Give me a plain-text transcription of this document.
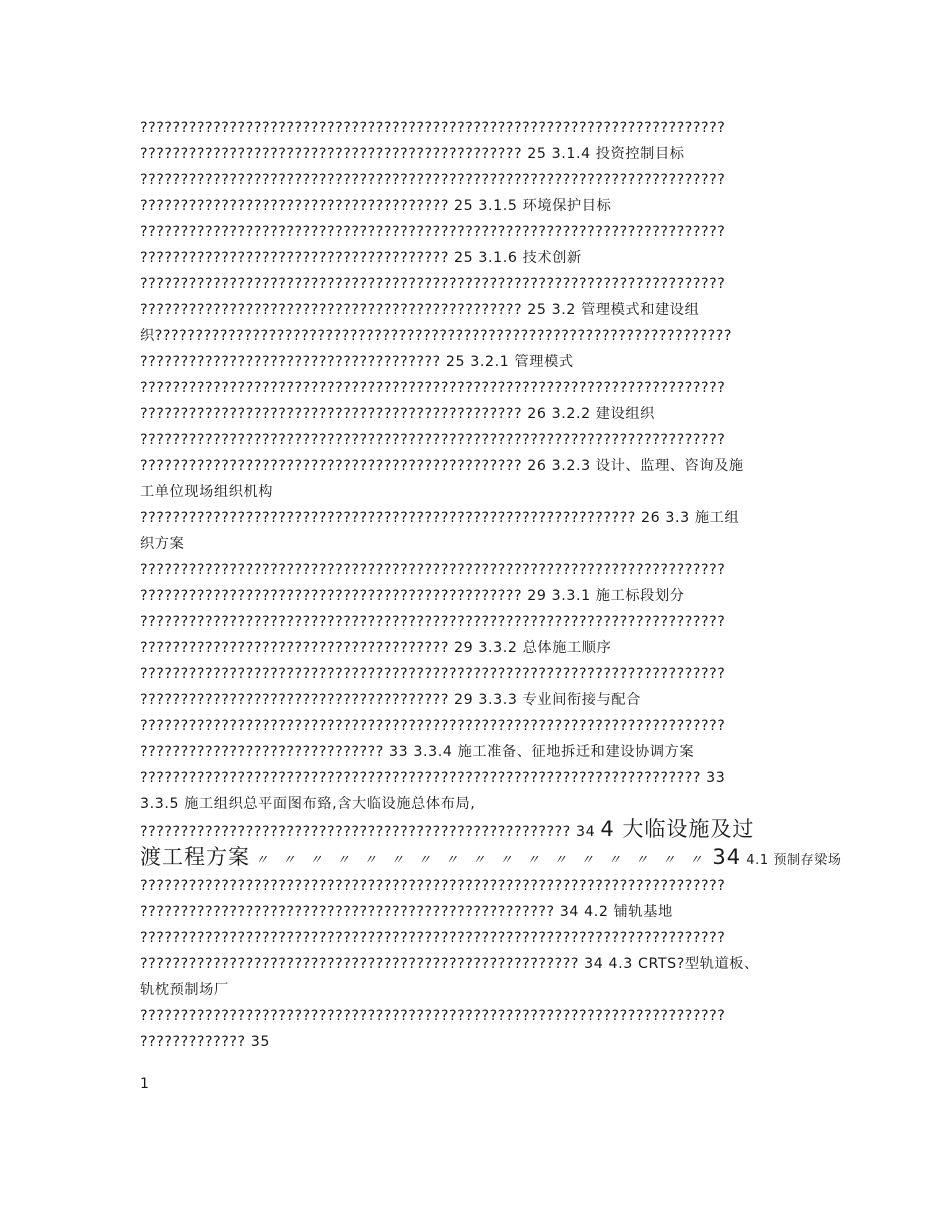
????????????????????????????????????????????????????????????????????????
??????????????????????????????????????????????? 25 3.1.4 投资控制目标
????????????????????????????????????????????????????????????????????????
?????????????????????????????????????? 25 3.1.5 环境保护目标
????????????????????????????????????????????????????????????????????????
?????????????????????????????????????? 25 3.1.6 技术创新
????????????????????????????????????????????????????????????????????????
??????????????????????????????????????????????? 25 3.2 管理模式和建设组
织???????????????????????????????????????????????????????????????????????
????????????????????????????????????? 25 3.2.1 管理模式
????????????????????????????????????????????????????????????????????????
??????????????????????????????????????????????? 26 3.2.2 建设组织
????????????????????????????????????????????????????????????????????????
??????????????????????????????????????????????? 26 3.2.3 设计、监理、咨询及施
工单位现场组织机构
????????????????????????????????????????????????????????????? 26 3.3 施工组
织方案
????????????????????????????????????????????????????????????????????????
??????????????????????????????????????????????? 29 3.3.1 施工标段划分
????????????????????????????????????????????????????????????????????????
?????????????????????????????????????? 29 3.3.2 总体施工顺序
????????????????????????????????????????????????????????????????????????
?????????????????????????????????????? 29 3.3.3 专业间衔接与配合
????????????????????????????????????????????????????????????????????????
?????????????????????????????? 33 3.3.4 施工准备、征地拆迁和建设协调方案
????????????????????????????????????????????????????????????????????? 33
3.3.5 施工组织总平面图布臵,含大临设施总体布局,
????????????????????????????????????????????????????? 34 4 大临设施及过
渡工程方案 〃 〃 〃 〃 〃 〃 〃 〃 〃 〃 〃 〃 〃 〃 〃 〃 〃 34 4.1 预制存梁场
????????????????????????????????????????????????????????????????????????
??????????????????????????????????????????????????? 34 4.2 铺轨基地
????????????????????????????????????????????????????????????????????????
?????????????????????????????????????????????????????? 34 4.3 CRTS?型轨道板、
轨枕预制场厂
????????????????????????????????????????????????????????????????????????
????????????? 35
1
